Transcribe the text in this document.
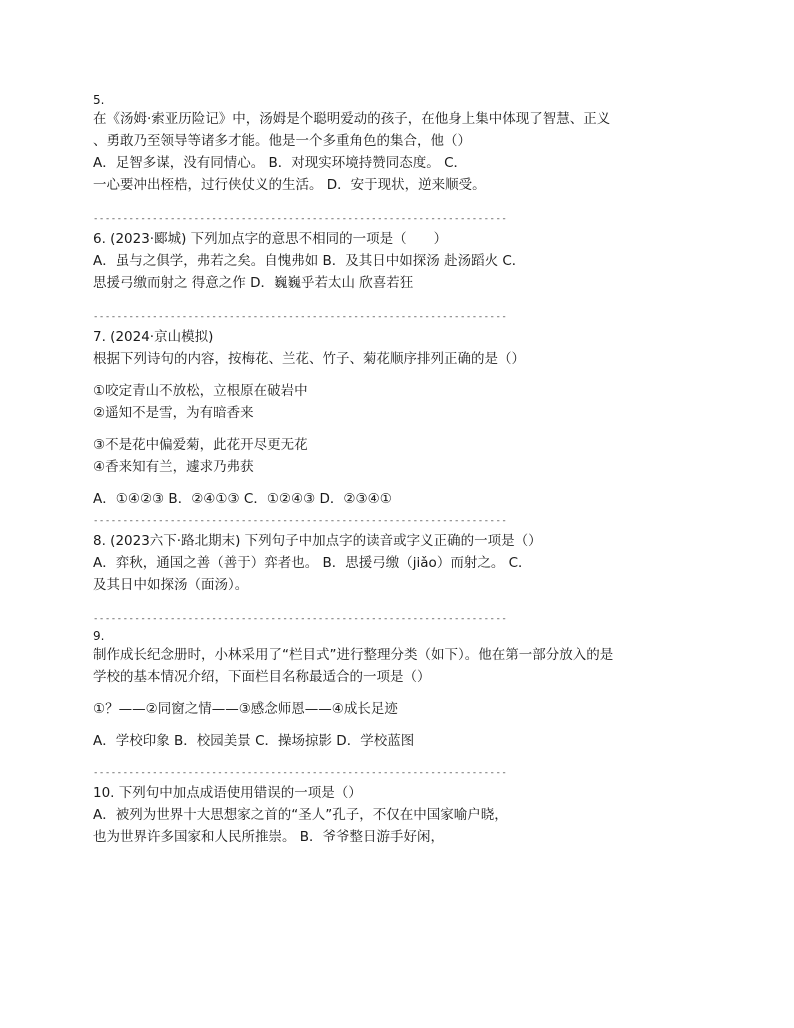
5.

在《汤姆·索亚历险记》中，汤姆是个聪明爱动的孩子，在他身上集中体现了智慧、正义

、勇敢乃至领导等诸多才能。他是一个多重角色的集合，他（）

A．足智多谋，没有同情心。 B．对现实环境持赞同态度。 C．

一心要冲出桎梏，过行侠仗义的生活。 D．安于现状，逆来顺受。

----------------------------------------------------------------------

6. (2023·郾城) 下列加点字的意思不相同的一项是（　　）

A．虽与之俱学，弗若之矣。自愧弗如 B．及其日中如探汤 赴汤蹈火 C．

思援弓缴而射之 得意之作 D．巍巍乎若太山 欣喜若狂

----------------------------------------------------------------------

7. (2024·京山模拟)

根据下列诗句的内容，按梅花、兰花、竹子、菊花顺序排列正确的是（）

①咬定青山不放松，立根原在破岩中

②遥知不是雪，为有暗香来

③不是花中偏爱菊，此花开尽更无花

④香来知有兰，遽求乃弗获

A．①④②③ B．②④①③ C．①②④③ D．②③④①

----------------------------------------------------------------------

8. (2023六下·路北期末) 下列句子中加点字的读音或字义正确的一项是（）

A．弈秋，通国之善（善于）弈者也。 B．思援弓缴（jiǎo）而射之。 C．

及其日中如探汤（面汤）。

----------------------------------------------------------------------

9.

制作成长纪念册时，小林采用了“栏目式”进行整理分类（如下）。他在第一部分放入的是

学校的基本情况介绍，下面栏目名称最适合的一项是（）

①？——②同窗之情——③感念师恩——④成长足迹

A．学校印象 B．校园美景 C．操场掠影 D．学校蓝图

----------------------------------------------------------------------

10. 下列句中加点成语使用错误的一项是（）

A．被列为世界十大思想家之首的“圣人”孔子，不仅在中国家喻户晓，

也为世界许多国家和人民所推崇。 B．爷爷整日游手好闲，
